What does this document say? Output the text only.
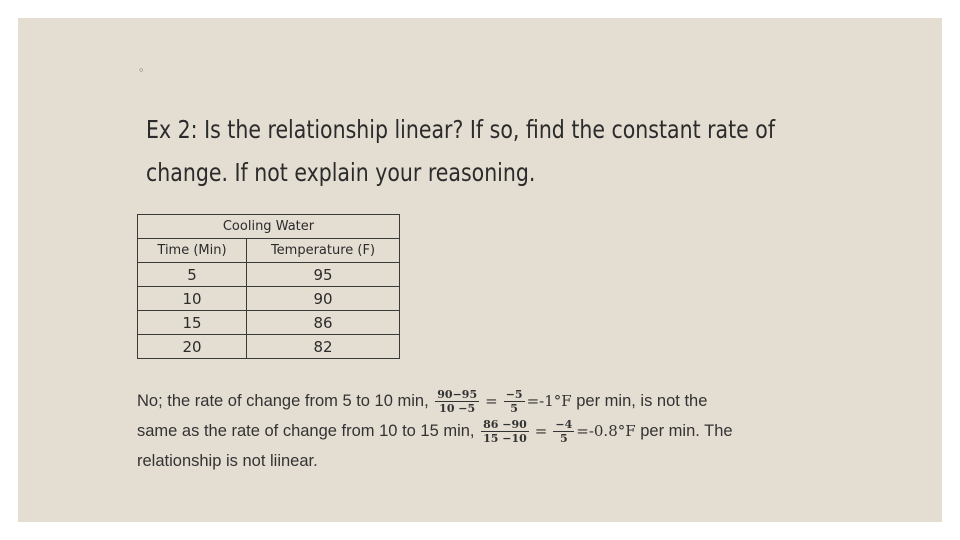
◦
Ex 2: Is the relationship linear? If so, find the constant rate of
change. If not explain your reasoning.
Cooling Water	
Time (Min)	Temperature (F)
5	95
10	90
15	86
20	82
No; the rate of change from 5 to 10 min, $\frac{90-95}{10 -5} = \frac{-5}{5} =-1^\circ F$ per min, is not the
same as the rate of change from 10 to 15 min, $\frac{86 -90}{15 -10} = \frac{-4}{5} =-0.8^\circ F$ per min. The
relationship is not liinear.
